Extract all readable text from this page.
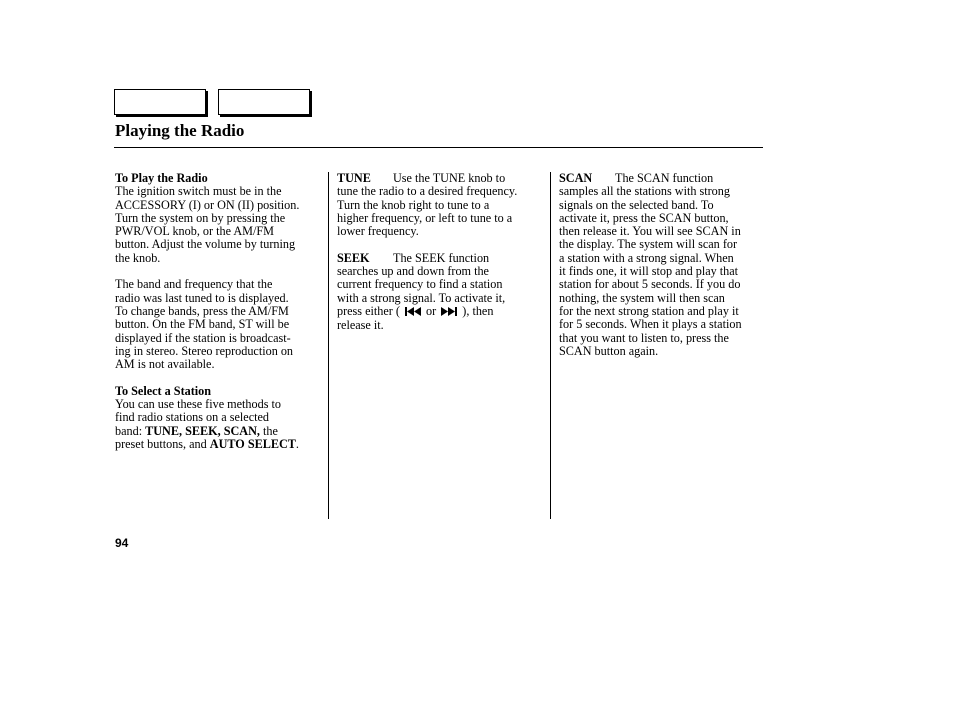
Playing the Radio

To Play the Radio

The ignition switch must be in the

ACCESSORY (I) or ON (II) position.

Turn the system on by pressing the

PWR/VOL knob, or the AM/FM

button. Adjust the volume by turning

the knob.

The band and frequency that the

radio was last tuned to is displayed.

To change bands, press the AM/FM

button. On the FM band, ST will be

displayed if the station is broadcast-

ing in stereo. Stereo reproduction on

AM is not available.

To Select a Station

You can use these five methods to

find radio stations on a selected

band: TUNE, SEEK, SCAN, the

preset buttons, and AUTO SELECT.

TUNE Use the TUNE knob to

tune the radio to a desired frequency.

Turn the knob right to tune to a

higher frequency, or left to tune to a

lower frequency.

SEEK The SEEK function

searches up and down from the

current frequency to find a station

with a strong signal. To activate it,

press either ( or ), then

release it.

SCAN The SCAN function

samples all the stations with strong

signals on the selected band. To

activate it, press the SCAN button,

then release it. You will see SCAN in

the display. The system will scan for

a station with a strong signal. When

it finds one, it will stop and play that

station for about 5 seconds. If you do

nothing, the system will then scan

for the next strong station and play it

for 5 seconds. When it plays a station

that you want to listen to, press the

SCAN button again.

94
